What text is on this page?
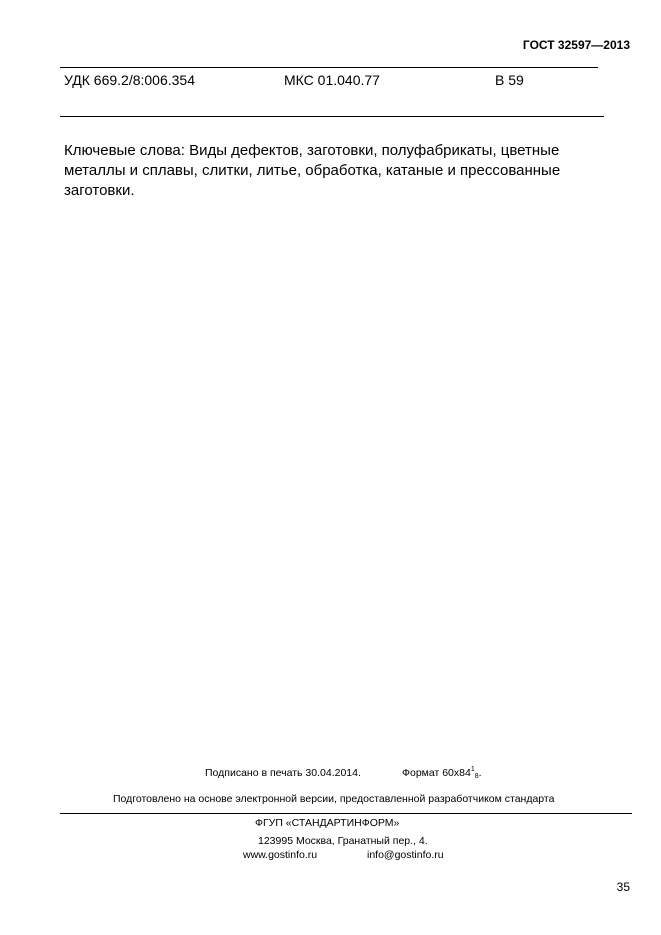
ГОСТ 32597—2013
УДК 669.2/8:006.354	МКС 01.040.77	В 59
Ключевые слова: Виды дефектов, заготовки, полуфабрикаты, цветные металлы и сплавы, слитки, литье, обработка, катаные и прессованные заготовки.
Подписано в печать 30.04.2014.	Формат $60х84^18$.
Подготовлено на основе электронной версии, предоставленной разработчиком стандарта
ФГУП «СТАНДАРТИНФОРМ»
123995 Москва, Гранатный пер., 4.
www.gostinfo.ru	info@gostinfo.ru
35
